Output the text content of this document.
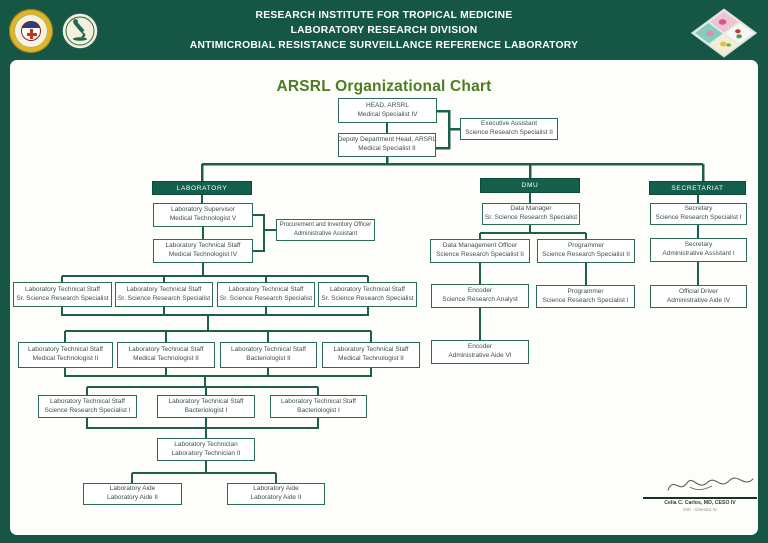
RESEARCH INSTITUTE FOR TROPICAL MEDICINE
LABORATORY RESEARCH DIVISION
ANTIMICROBIAL RESISTANCE SURVEILLANCE REFERENCE LABORATORY
ARSRL Organizational Chart
LABORATORY	DMU	SECRETARIAT
HEAD, ARSRL
Medical Specialist IV
Executive Assistant
Science Research Specialist II
Deputy Department Head, ARSRL
Medical Specialist II
Laboratory Supervisor
Medical Technologist V
Procurement and Inventory Officer
Administrative Assistant
Laboratory Technical Staff
Medical Technologist IV
Laboratory Technical Staff
Sr. Science Research Specialist
Laboratory Technical Staff
Sr. Science Research Specialist
Laboratory Technical Staff
Sr. Science Research Specialist
Laboratory Technical Staff
Sr. Science Research Specialist
Laboratory Technical Staff
Medical Technologist II
Laboratory Technical Staff
Medical Technologist II
Laboratory Technical Staff
Bacteriologist II
Laboratory Technical Staff
Medical Technologist II
Laboratory Technical Staff
Science Research Specialist I
Laboratory Technical Staff
Bacteriologist I
Laboratory Technical Staff
Bacteriologist I
Laboratory Technician
Laboratory Technician II
Laboratory Aide
Laboratory Aide II
Laboratory Aide
Laboratory Aide II
Data Manager
Sr. Science Research Specialist
Data Management Officer
Science Research Specialist II
Programmer
Science Research Specialist II
Encoder
Science Research Analyst
Programmer
Science Research Specialist I
Encoder
Administrative Aide VI
Secretary
Science Research Specialist I
Secretary
Administrative Assistant I
Official Driver
Administrative Aide IV
Celia C. Carlos, MD, CESO IV
OIC - Director IV
